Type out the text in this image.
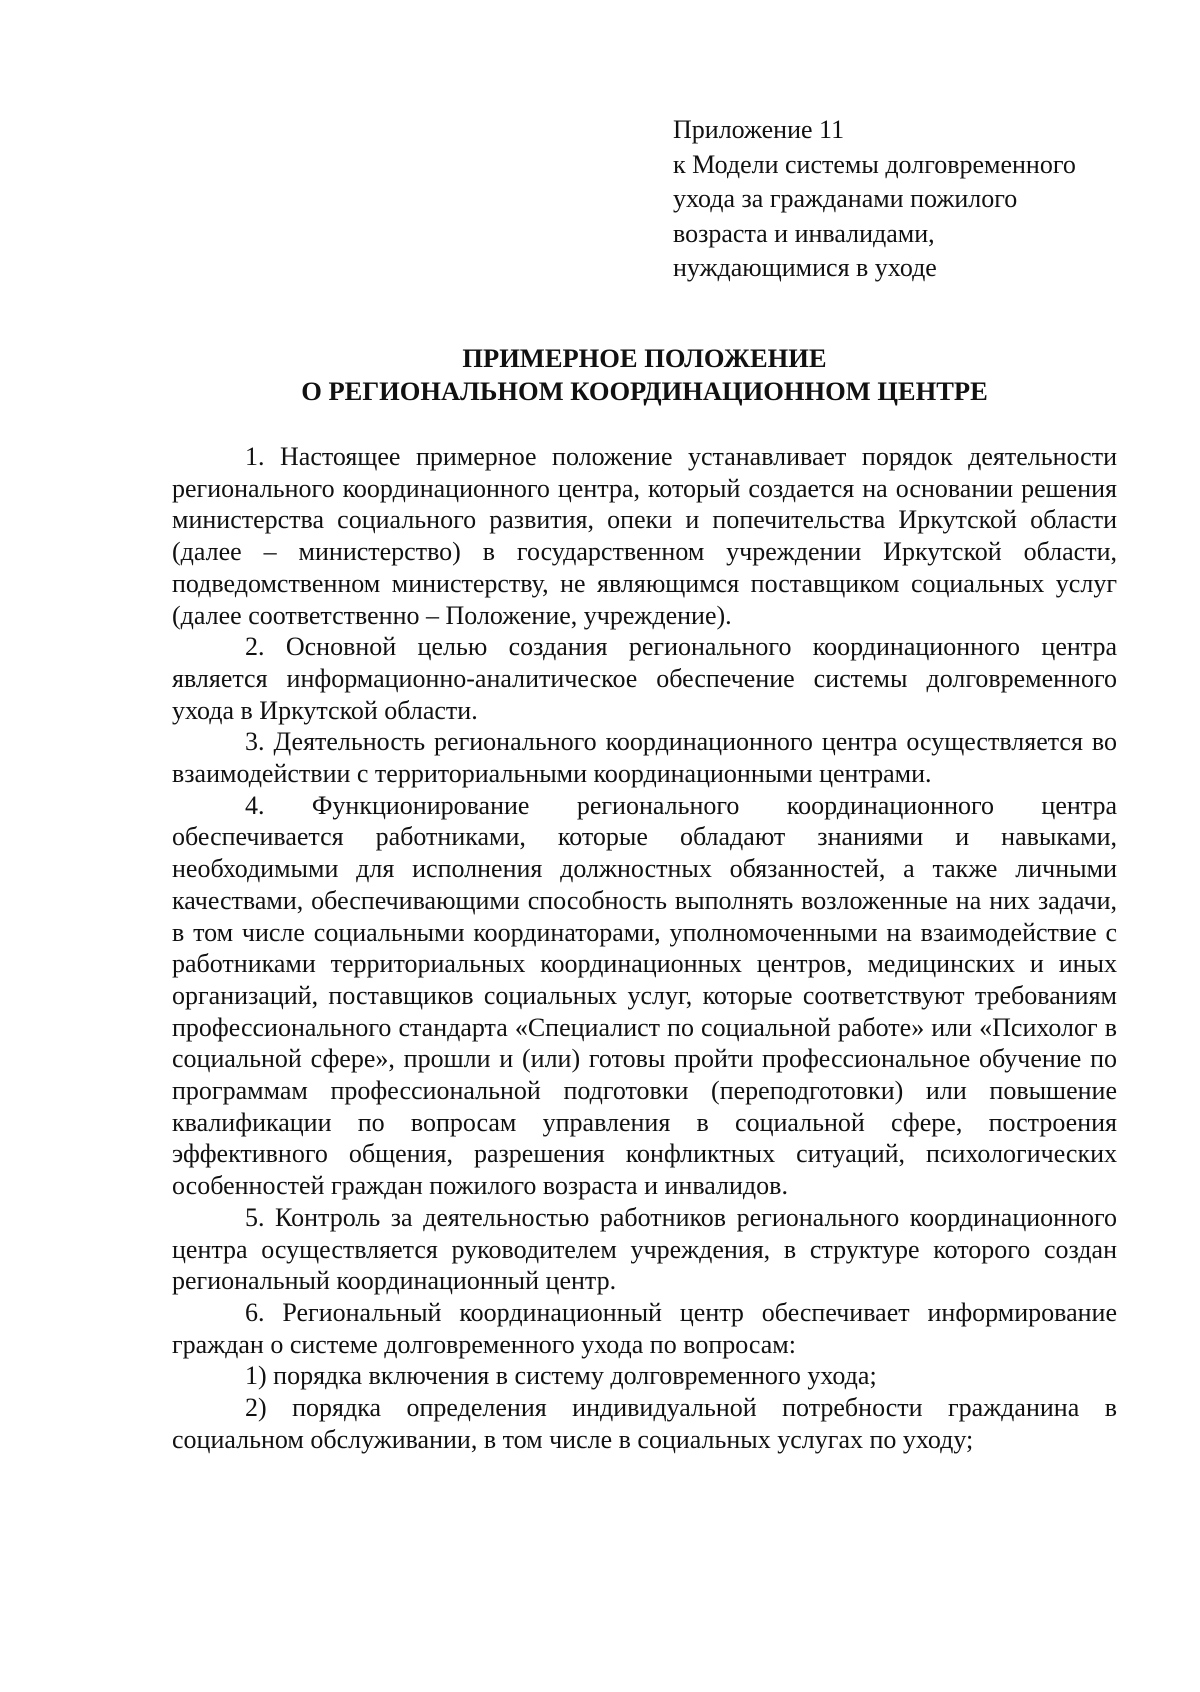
Приложение 11
к Модели системы долговременного
ухода за гражданами пожилого
возраста и инвалидами,
нуждающимися в уходе
ПРИМЕРНОЕ ПОЛОЖЕНИЕ
О РЕГИОНАЛЬНОМ КООРДИНАЦИОННОМ ЦЕНТРЕ

1. Настоящее примерное положение устанавливает порядок деятельности регионального координационного центра, который создается на основании решения министерства социального развития, опеки и попечительства Иркутской области (далее – министерство) в государственном учреждении Иркутской области, подведомственном министерству, не являющимся поставщиком социальных услуг (далее соответственно – Положение, учреждение).

2. Основной целью создания регионального координационного центра является информационно-аналитическое обеспечение системы долговременного ухода в Иркутской области.

3. Деятельность регионального координационного центра осуществляется во взаимодействии с территориальными координационными центрами.

4. Функционирование регионального координационного центра обеспечивается работниками, которые обладают знаниями и навыками, необходимыми для исполнения должностных обязанностей, а также личными качествами, обеспечивающими способность выполнять возложенные на них задачи, в том числе социальными координаторами, уполномоченными на взаимодействие с работниками территориальных координационных центров, медицинских и иных организаций, поставщиков социальных услуг, которые соответствуют требованиям профессионального стандарта «Специалист по социальной работе» или «Психолог в социальной сфере», прошли и (или) готовы пройти профессиональное обучение по программам профессиональной подготовки (переподготовки) или повышение квалификации по вопросам управления в социальной сфере, построения эффективного общения, разрешения конфликтных ситуаций, психологических особенностей граждан пожилого возраста и инвалидов.

5. Контроль за деятельностью работников регионального координационного центра осуществляется руководителем учреждения, в структуре которого создан региональный координационный центр.

6. Региональный координационный центр обеспечивает информирование граждан о системе долговременного ухода по вопросам:

1) порядка включения в систему долговременного ухода;

2) порядка определения индивидуальной потребности гражданина в социальном обслуживании, в том числе в социальных услугах по уходу;
